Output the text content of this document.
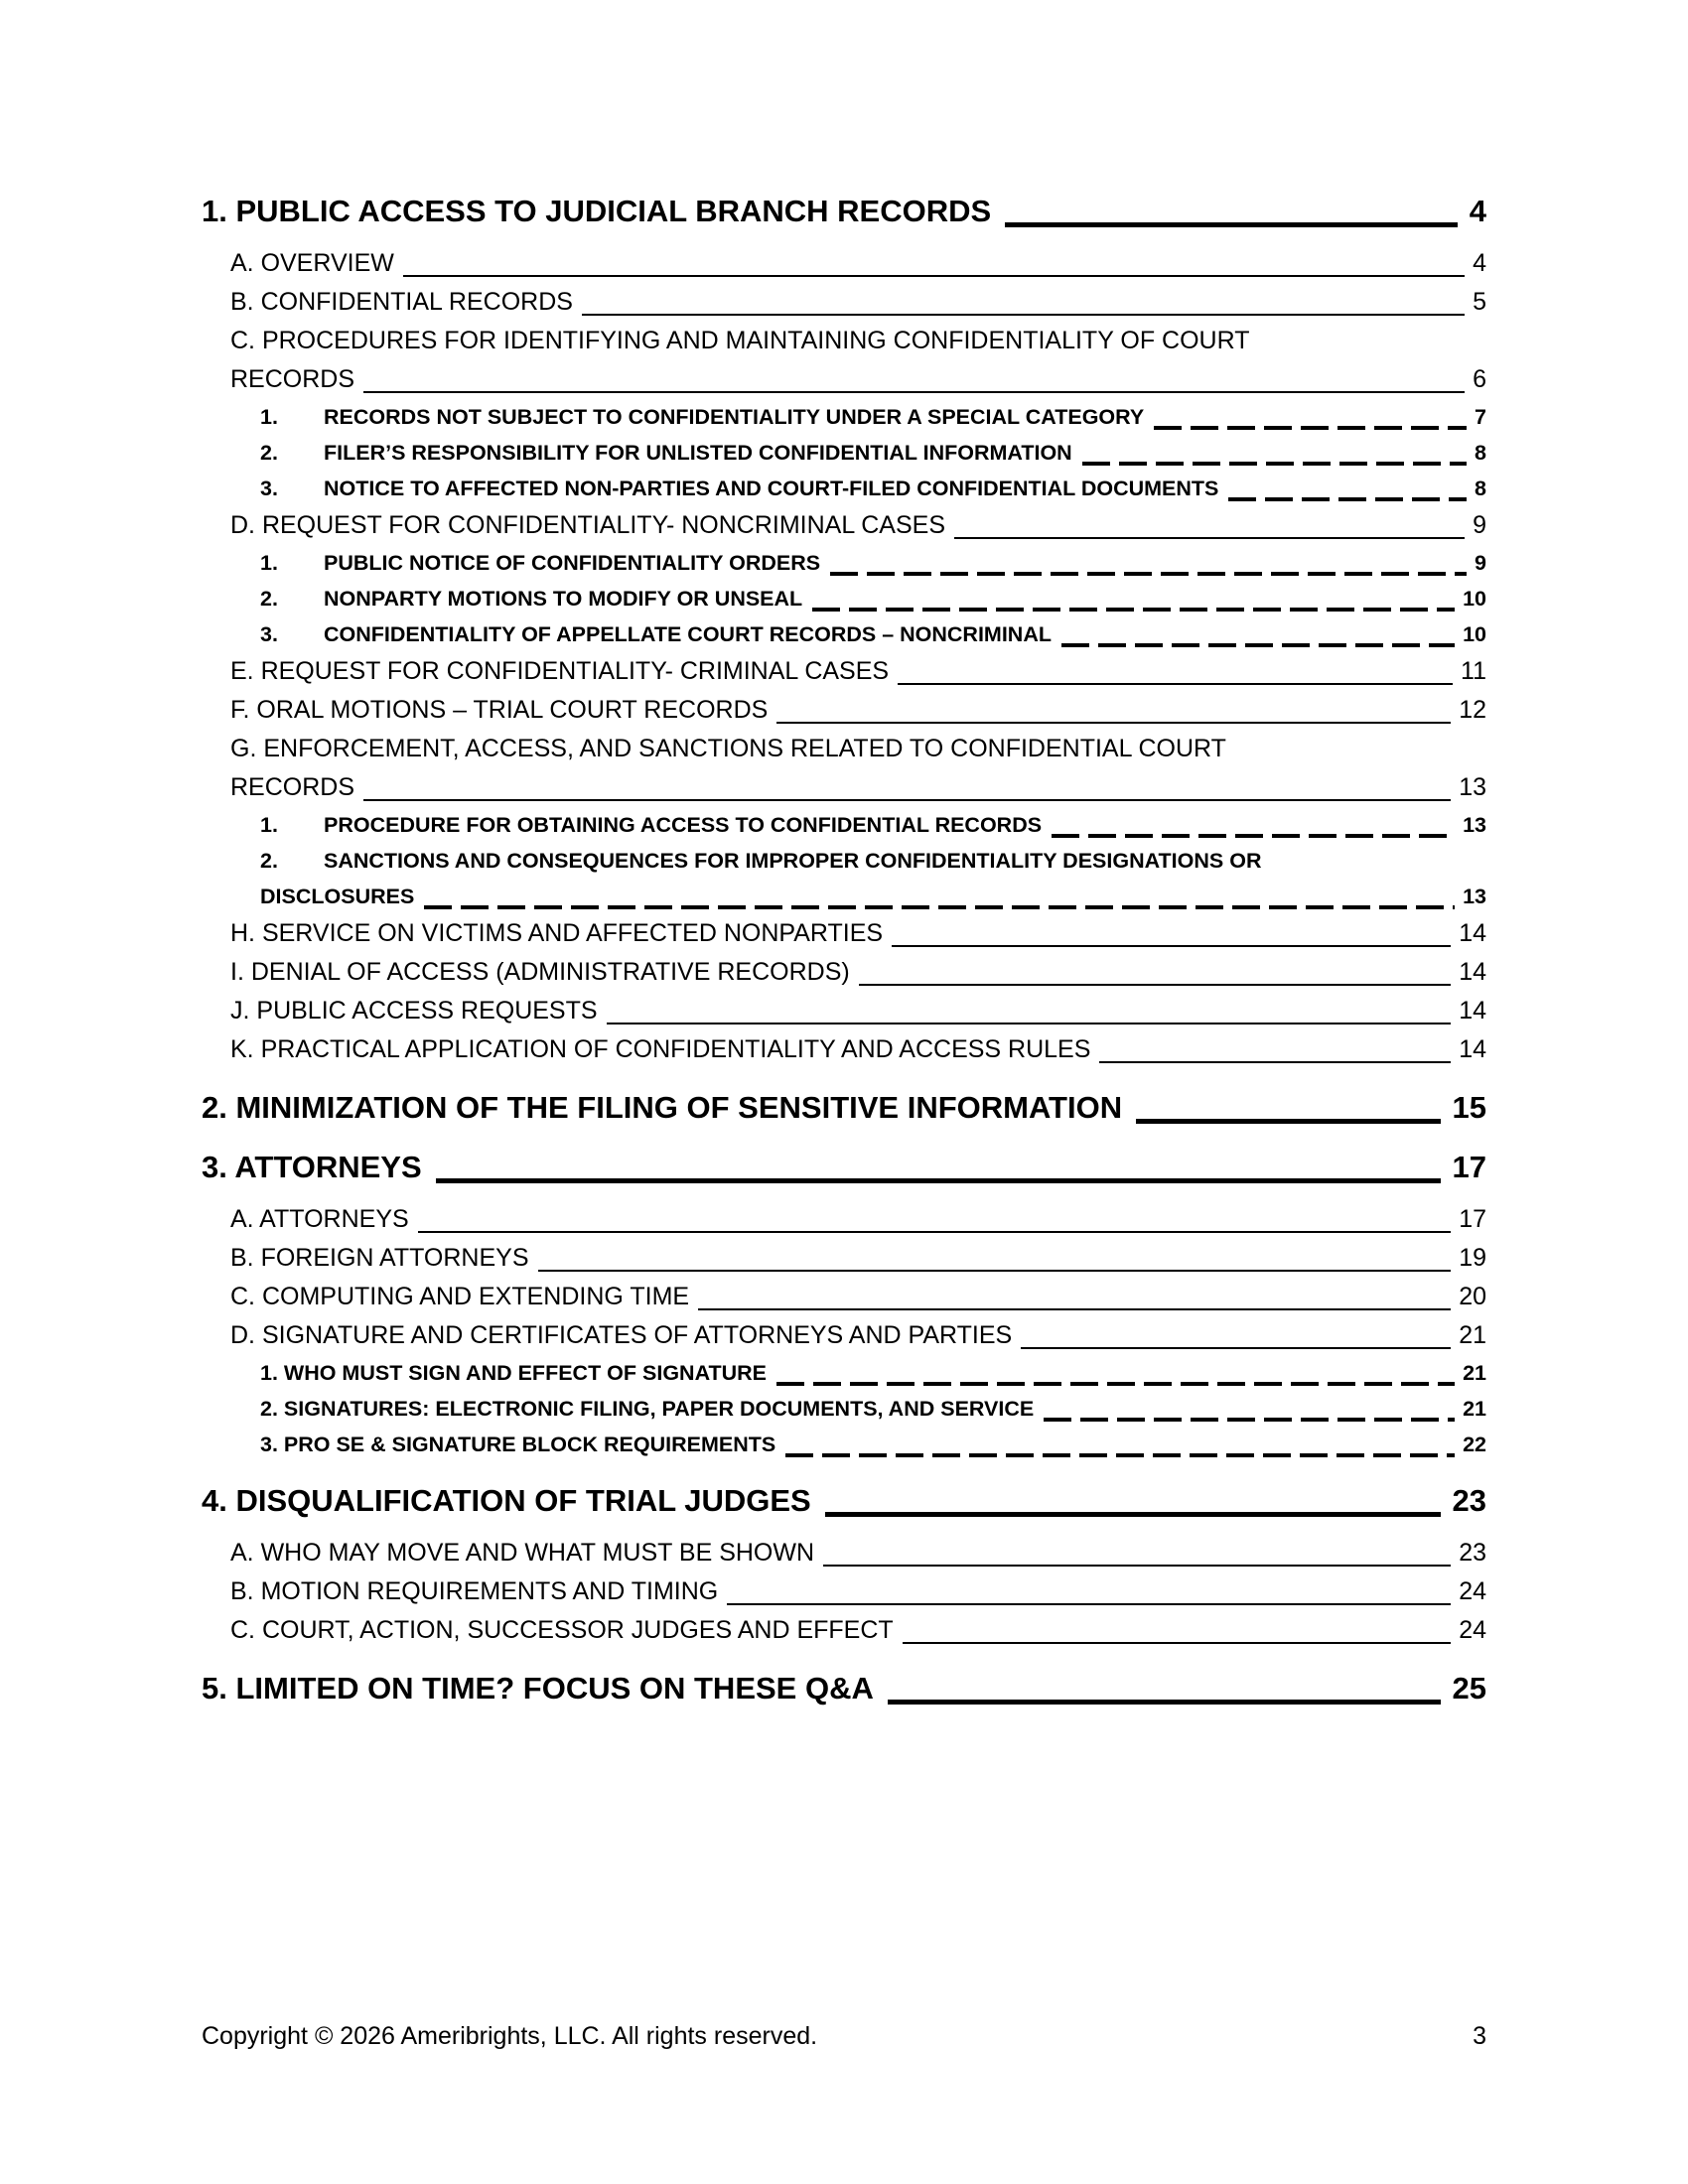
1. PUBLIC ACCESS TO JUDICIAL BRANCH RECORDS	4
A. OVERVIEW	4
B. CONFIDENTIAL RECORDS	5
C. PROCEDURES FOR IDENTIFYING AND MAINTAINING CONFIDENTIALITY OF COURT
RECORDS	6
1.	RECORDS NOT SUBJECT TO CONFIDENTIALITY UNDER A SPECIAL CATEGORY	7
2.	FILER’S RESPONSIBILITY FOR UNLISTED CONFIDENTIAL INFORMATION	8
3.	NOTICE TO AFFECTED NON-PARTIES AND COURT-FILED CONFIDENTIAL DOCUMENTS	8
D. REQUEST FOR CONFIDENTIALITY- NONCRIMINAL CASES	9
1.	PUBLIC NOTICE OF CONFIDENTIALITY ORDERS	9
2.	NONPARTY MOTIONS TO MODIFY OR UNSEAL	10
3.	CONFIDENTIALITY OF APPELLATE COURT RECORDS – NONCRIMINAL	10
E. REQUEST FOR CONFIDENTIALITY- CRIMINAL CASES	11
F. ORAL MOTIONS – TRIAL COURT RECORDS	12
G. ENFORCEMENT, ACCESS, AND SANCTIONS RELATED TO CONFIDENTIAL COURT
RECORDS	13
1.	PROCEDURE FOR OBTAINING ACCESS TO CONFIDENTIAL RECORDS	13
2.	SANCTIONS AND CONSEQUENCES FOR IMPROPER CONFIDENTIALITY DESIGNATIONS OR
DISCLOSURES	13
H. SERVICE ON VICTIMS AND AFFECTED NONPARTIES	14
I. DENIAL OF ACCESS (ADMINISTRATIVE RECORDS)	14
J. PUBLIC ACCESS REQUESTS	14
K. PRACTICAL APPLICATION OF CONFIDENTIALITY AND ACCESS RULES	14
2. MINIMIZATION OF THE FILING OF SENSITIVE INFORMATION	15
3. ATTORNEYS	17
A. ATTORNEYS	17
B. FOREIGN ATTORNEYS	19
C. COMPUTING AND EXTENDING TIME	20
D. SIGNATURE AND CERTIFICATES OF ATTORNEYS AND PARTIES	21
1. WHO MUST SIGN AND EFFECT OF SIGNATURE	21
2. SIGNATURES: ELECTRONIC FILING, PAPER DOCUMENTS, AND SERVICE	21
3. PRO SE & SIGNATURE BLOCK REQUIREMENTS	22
4. DISQUALIFICATION OF TRIAL JUDGES	23
A. WHO MAY MOVE AND WHAT MUST BE SHOWN	23
B. MOTION REQUIREMENTS AND TIMING	24
C. COURT, ACTION, SUCCESSOR JUDGES AND EFFECT	24
5. LIMITED ON TIME? FOCUS ON THESE Q&A	25
Copyright © 2026 Ameribrights, LLC. All rights reserved.	3
